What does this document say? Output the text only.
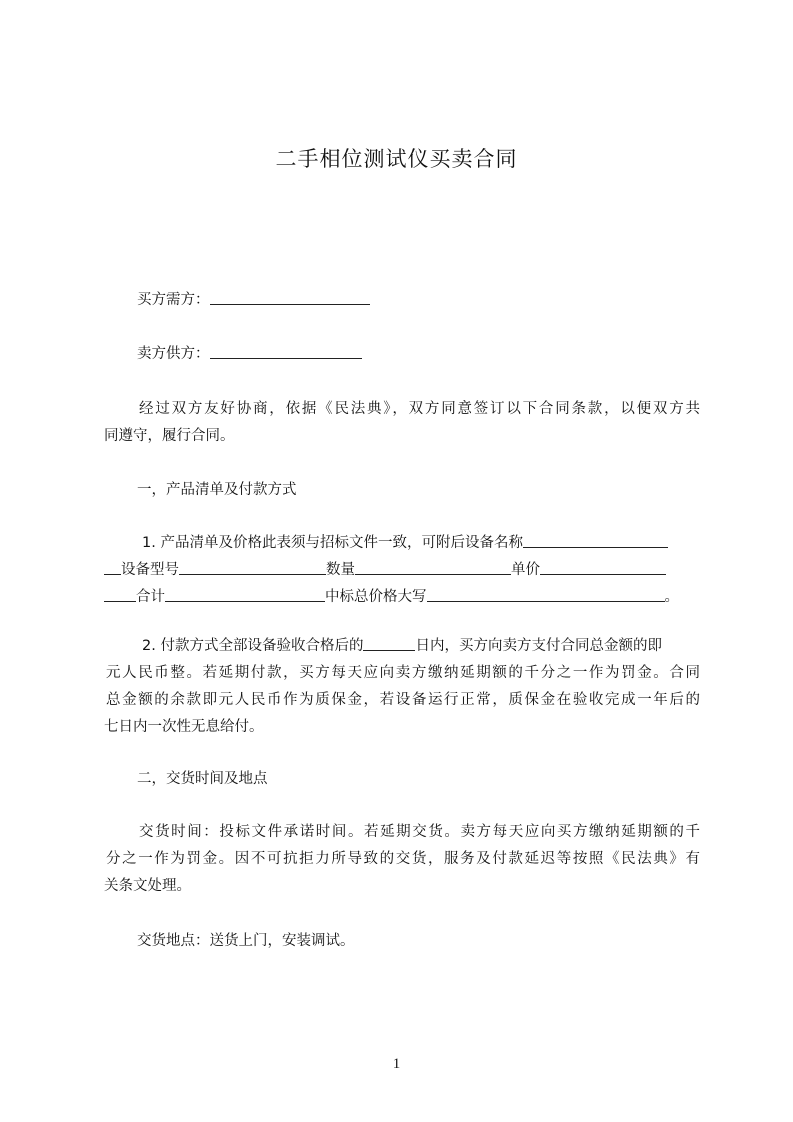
二手相位测试仪买卖合同
买方需方：
卖方供方：
经过双方友好协商，依据《民法典》，双方同意签订以下合同条款，以便双方共
同遵守，履行合同。
一，产品清单及付款方式
1. 产品清单及价格此表须与招标文件一致，可附后设备名称
设备型号	数量	单价
合计	中标总价格大写	。
2. 付款方式全部设备验收合格后的	日内，买方向卖方支付合同总金额的即
元人民币整。若延期付款，买方每天应向卖方缴纳延期额的千分之一作为罚金。合同
总金额的余款即元人民币作为质保金，若设备运行正常，质保金在验收完成一年后的
七日内一次性无息给付。
二，交货时间及地点
交货时间：投标文件承诺时间。若延期交货。卖方每天应向买方缴纳延期额的千
分之一作为罚金。因不可抗拒力所导致的交货，服务及付款延迟等按照《民法典》有
关条文处理。
交货地点：送货上门，安装调试。
1
